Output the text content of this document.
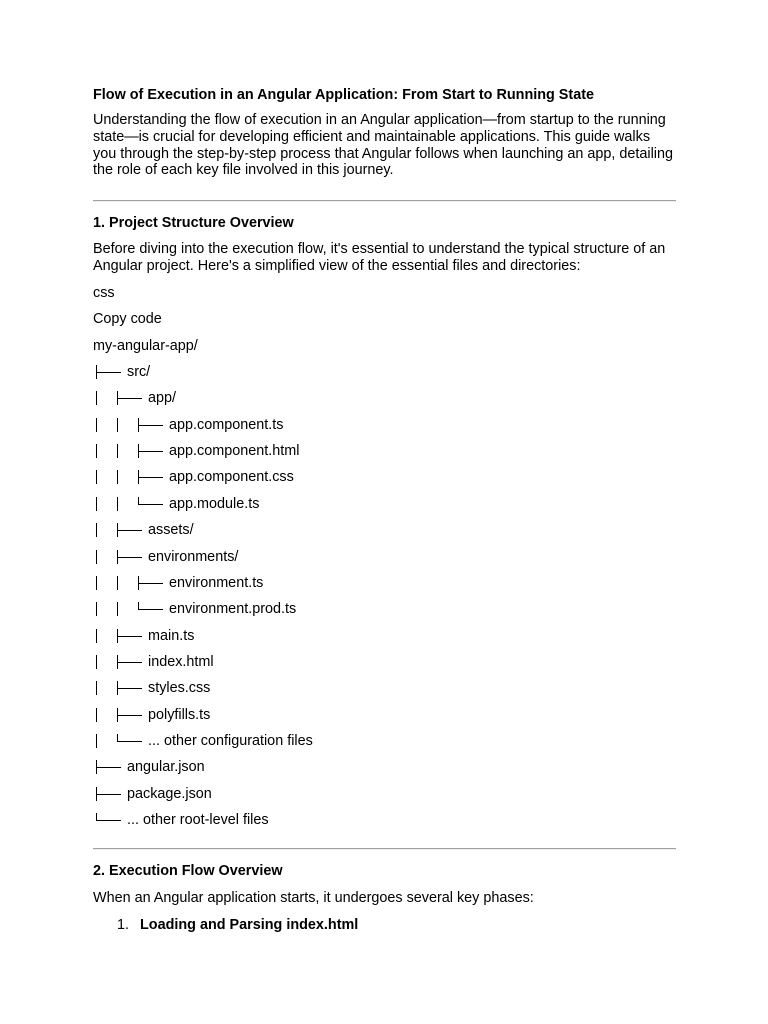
Flow of Execution in an Angular Application: From Start to Running State
Understanding the flow of execution in an Angular application—from startup to the running state—is crucial for developing efficient and maintainable applications. This guide walks you through the step-by-step process that Angular follows when launching an app, detailing the role of each key file involved in this journey.
1. Project Structure Overview
Before diving into the execution flow, it's essential to understand the typical structure of an Angular project. Here's a simplified view of the essential files and directories:
css
Copy code
my-angular-app/
src/
app/
app.component.ts
app.component.html
app.component.css
app.module.ts
assets/
environments/
environment.ts
environment.prod.ts
main.ts
index.html
styles.css
polyfills.ts
... other configuration files
angular.json
package.json
... other root-level files
2. Execution Flow Overview
When an Angular application starts, it undergoes several key phases:
1. Loading and Parsing index.html
